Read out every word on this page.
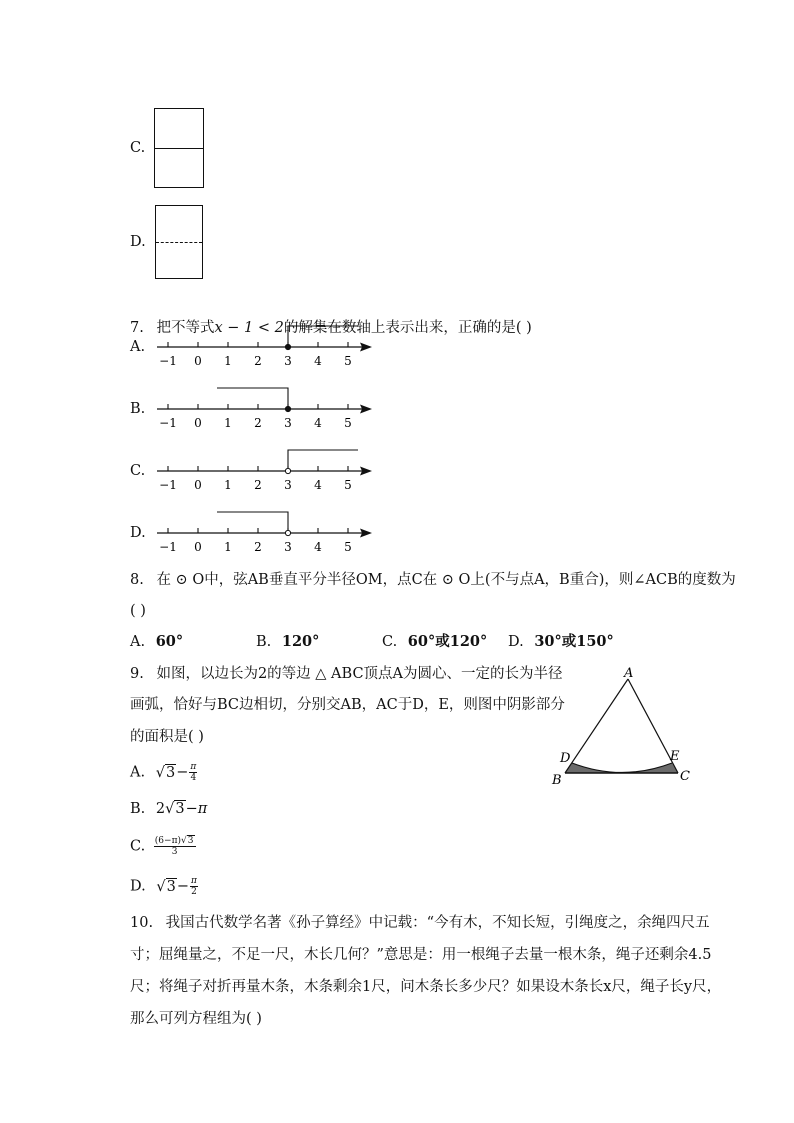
C.
D.
7. 把不等式x − 1 < 2的解集在数轴上表示出来，正确的是( )
A.
B.
C.
D.
−1 0 1 2 3 4 5
−1 0 1 2 3 4 5
−1 0 1 2 3 4 5
−1 0 1 2 3 4 5
8. 在 ⊙ O中，弦AB垂直平分半径OM，点C在 ⊙ O上(不与点A，B重合)，则∠ACB的度数为
( )
A. 60°	B. 120°	C. 60°或120° D. 30°或150°
9. 如图，以边长为2的等边 △ ABC顶点A为圆心、一定的长为半径
画弧，恰好与BC边相切，分别交AB，AC于D，E，则图中阴影部分
的面积是( )
A. $√3- \frac{\pi}{4}$
B. 2√3−π
C. $\frac{(6-\pi)√3}{3}$
D. $√3- \frac{\pi}{2}$
A
B	C
D	E
10. 我国古代数学名著《孙子算经》中记载：“今有木，不知长短，引绳度之，余绳四尺五
寸；屈绳量之，不足一尺，木长几何？”意思是：用一根绳子去量一根木条，绳子还剩余4.5
尺；将绳子对折再量木条，木条剩余1尺，问木条长多少尺？如果设木条长x尺，绳子长y尺，
那么可列方程组为( )
